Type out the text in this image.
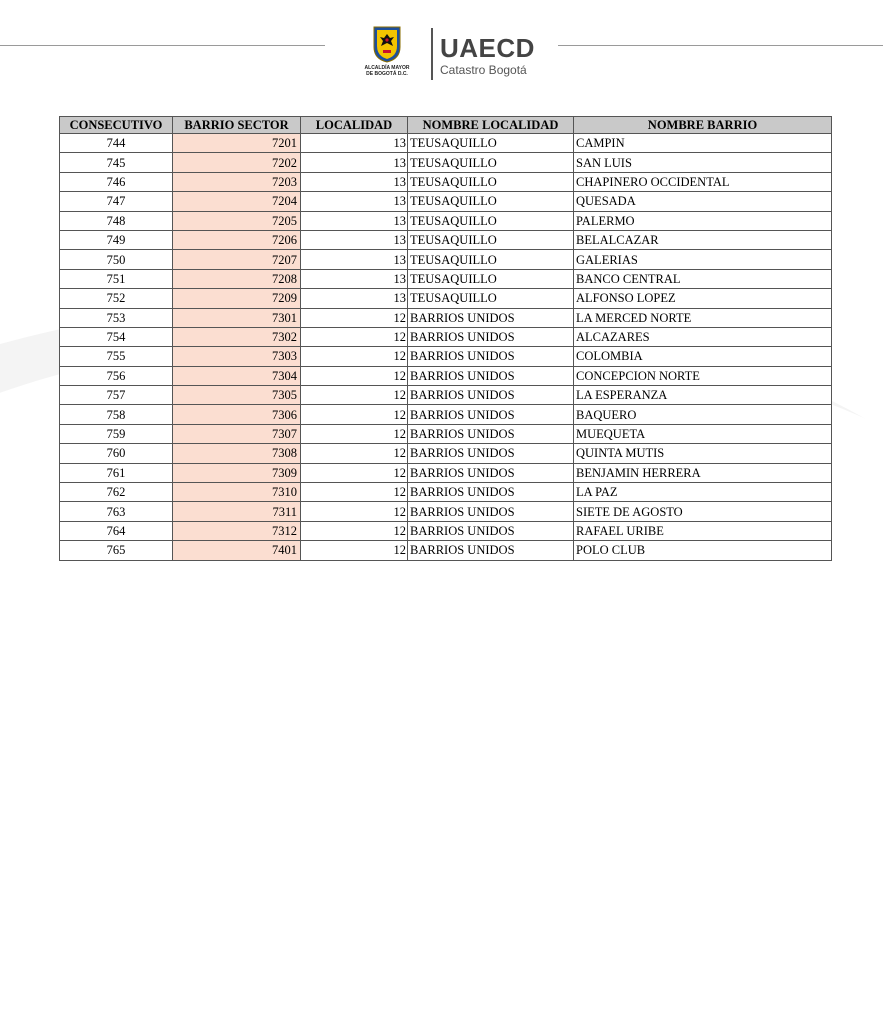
ALCALDÍA MAYOR
DE BOGOTÁ D.C.
UAECD
Catastro Bogotá
CONSECUTIVO	BARRIO SECTOR	LOCALIDAD	NOMBRE LOCALIDAD	NOMBRE BARRIO
744	7201	13	TEUSAQUILLO	CAMPIN
745	7202	13	TEUSAQUILLO	SAN LUIS
746	7203	13	TEUSAQUILLO	CHAPINERO OCCIDENTAL
747	7204	13	TEUSAQUILLO	QUESADA
748	7205	13	TEUSAQUILLO	PALERMO
749	7206	13	TEUSAQUILLO	BELALCAZAR
750	7207	13	TEUSAQUILLO	GALERIAS
751	7208	13	TEUSAQUILLO	BANCO CENTRAL
752	7209	13	TEUSAQUILLO	ALFONSO LOPEZ
753	7301	12	BARRIOS UNIDOS	LA MERCED NORTE
754	7302	12	BARRIOS UNIDOS	ALCAZARES
755	7303	12	BARRIOS UNIDOS	COLOMBIA
756	7304	12	BARRIOS UNIDOS	CONCEPCION NORTE
757	7305	12	BARRIOS UNIDOS	LA ESPERANZA
758	7306	12	BARRIOS UNIDOS	BAQUERO
759	7307	12	BARRIOS UNIDOS	MUEQUETA
760	7308	12	BARRIOS UNIDOS	QUINTA MUTIS
761	7309	12	BARRIOS UNIDOS	BENJAMIN HERRERA
762	7310	12	BARRIOS UNIDOS	LA PAZ
763	7311	12	BARRIOS UNIDOS	SIETE DE AGOSTO
764	7312	12	BARRIOS UNIDOS	RAFAEL URIBE
765	7401	12	BARRIOS UNIDOS	POLO CLUB
